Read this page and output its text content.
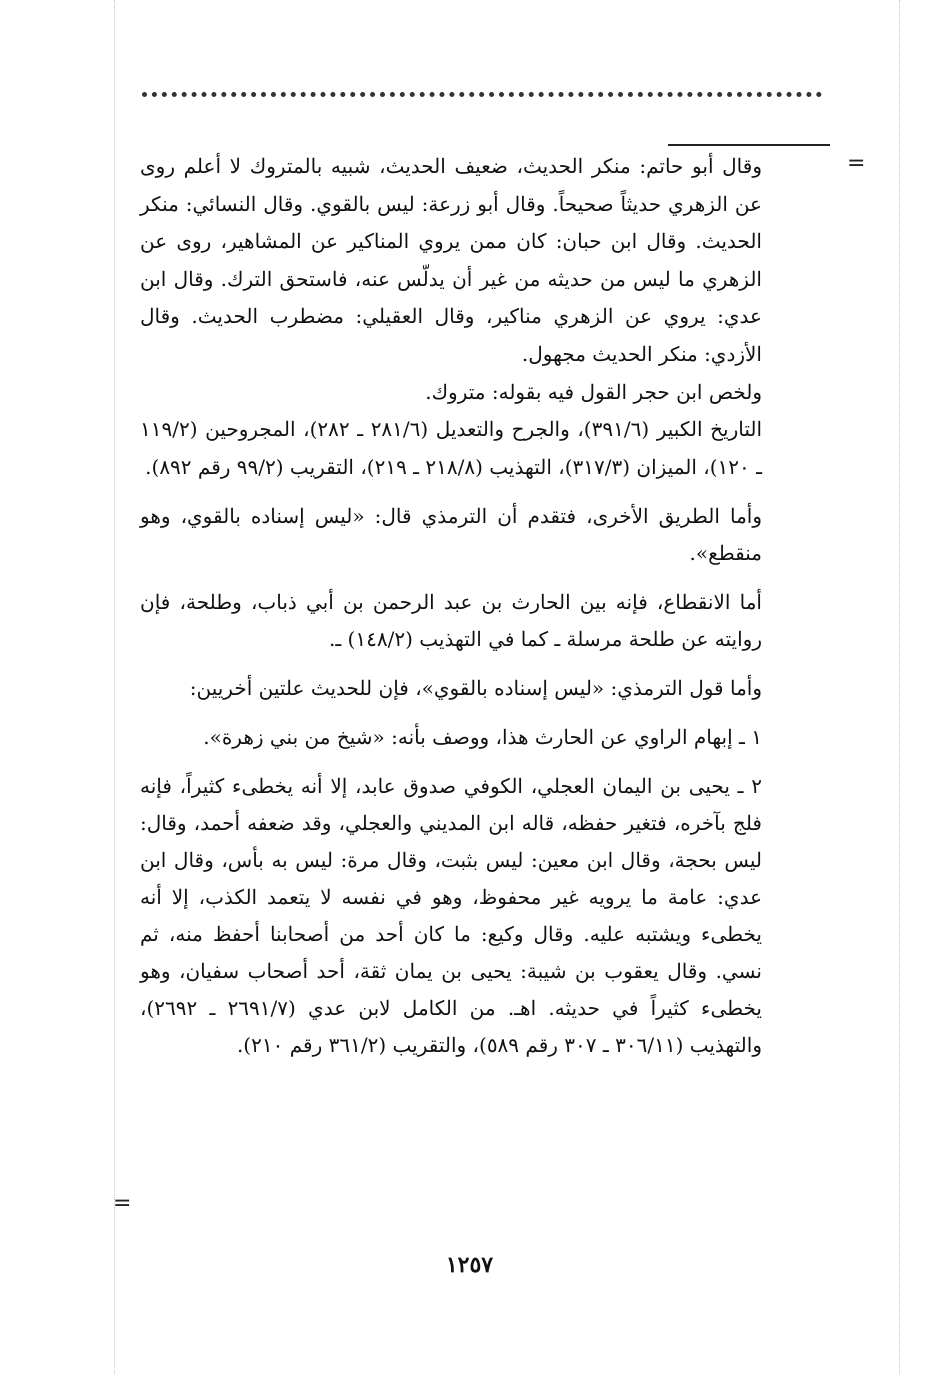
=

وقال أبو حاتم: منكر الحديث، ضعيف الحديث، شبيه بالمتروك لا أعلم روى عن الزهري حديثاً صحيحاً. وقال أبو زرعة: ليس بالقوي. وقال النسائي: منكر الحديث. وقال ابن حبان: كان ممن يروي المناكير عن المشاهير، روى عن الزهري ما ليس من حديثه من غير أن يدلّس عنه، فاستحق الترك. وقال ابن عدي: يروي عن الزهري مناكير، وقال العقيلي: مضطرب الحديث. وقال الأزدي: منكر الحديث مجهول.

ولخص ابن حجر القول فيه بقوله: متروك.

التاريخ الكبير (٣٩١/٦)، والجرح والتعديل (٢٨١/٦ ـ ٢٨٢)، المجروحين (١١٩/٢ ـ ١٢٠)، الميزان (٣١٧/٣)، التهذيب (٢١٨/٨ ـ ٢١٩)، التقريب (٩٩/٢ رقم ٨٩٢).

وأما الطريق الأخرى، فتقدم أن الترمذي قال: «ليس إسناده بالقوي، وهو منقطع».

أما الانقطاع، فإنه بين الحارث بن عبد الرحمن بن أبي ذباب، وطلحة، فإن روايته عن طلحة مرسلة ـ كما في التهذيب (١٤٨/٢) ـ.

وأما قول الترمذي: «ليس إسناده بالقوي»، فإن للحديث علتين أخريين:

١ ـ إبهام الراوي عن الحارث هذا، ووصف بأنه: «شيخ من بني زهرة».

٢ ـ يحيى بن اليمان العجلي، الكوفي صدوق عابد، إلا أنه يخطىء كثيراً، فإنه فلج بآخره، فتغير حفظه، قاله ابن المديني والعجلي، وقد ضعفه أحمد، وقال: ليس بحجة، وقال ابن معين: ليس بثبت، وقال مرة: ليس به بأس، وقال ابن عدي: عامة ما يرويه غير محفوظ، وهو في نفسه لا يتعمد الكذب، إلا أنه يخطىء ويشتبه عليه. وقال وكيع: ما كان أحد من أصحابنا أحفظ منه، ثم نسي. وقال يعقوب بن شيبة: يحيى بن يمان ثقة، أحد أصحاب سفيان، وهو يخطىء كثيراً في حديثه. اهـ. من الكامل لابن عدي (٢٦٩١/٧ ـ ٢٦٩٢)، والتهذيب (٣٠٦/١١ ـ ٣٠٧ رقم ٥٨٩)، والتقريب (٣٦١/٢ رقم ٢١٠).

=
١٢٥٧
